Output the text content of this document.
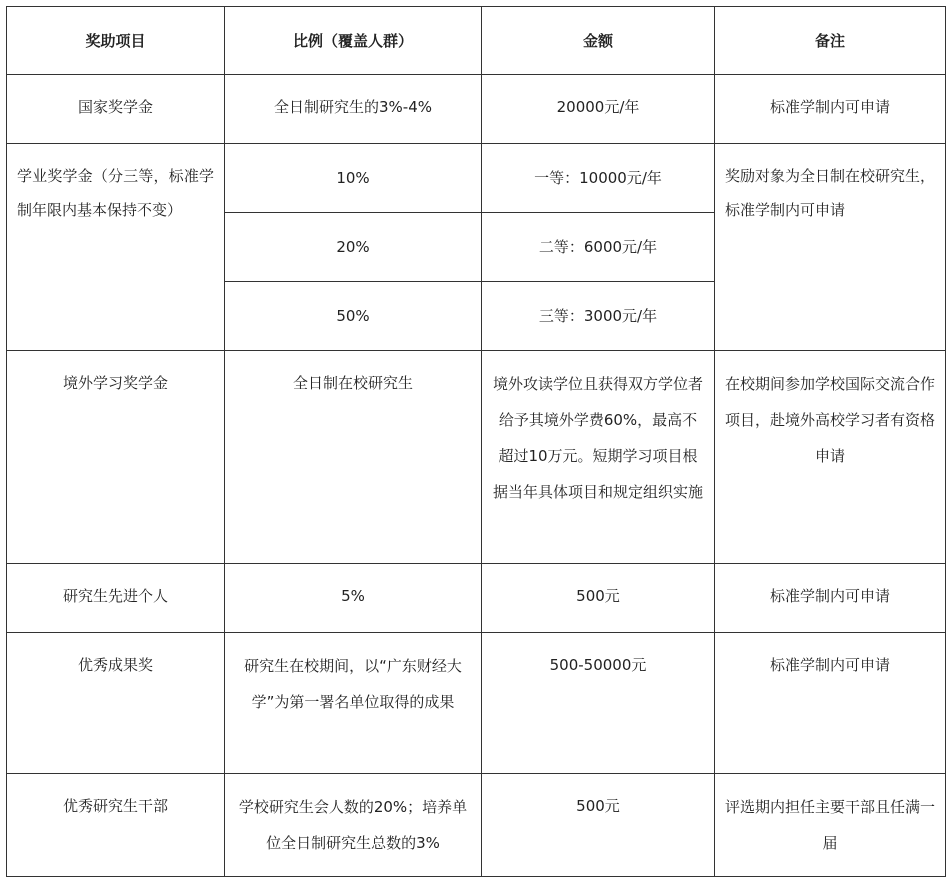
奖助项目	比例（覆盖人群）	金额	备注

国家奖学金	全日制研究生的3%-4%	20000元/年	标准学制内可申请

学业奖学金（分三等，标准学制年限内基本保持不变）	10%	一等：10000元/年	奖励对象为全日制在校研究生，标准学制内可申请

	20%	二等：6000元/年	

	50%	三等：3000元/年	

境外学习奖学金	全日制在校研究生	境外攻读学位且获得双方学位者给予其境外学费60%，最高不超过10万元。短期学习项目根据当年具体项目和规定组织实施	在校期间参加学校国际交流合作项目，赴境外高校学习者有资格申请

研究生先进个人	5%	500元	标准学制内可申请

优秀成果奖	研究生在校期间，以“广东财经大学”为第一署名单位取得的成果	500-50000元	标准学制内可申请

优秀研究生干部	学校研究生会人数的20%；培养单位全日制研究生总数的3%	500元	评选期内担任主要干部且任满一届
